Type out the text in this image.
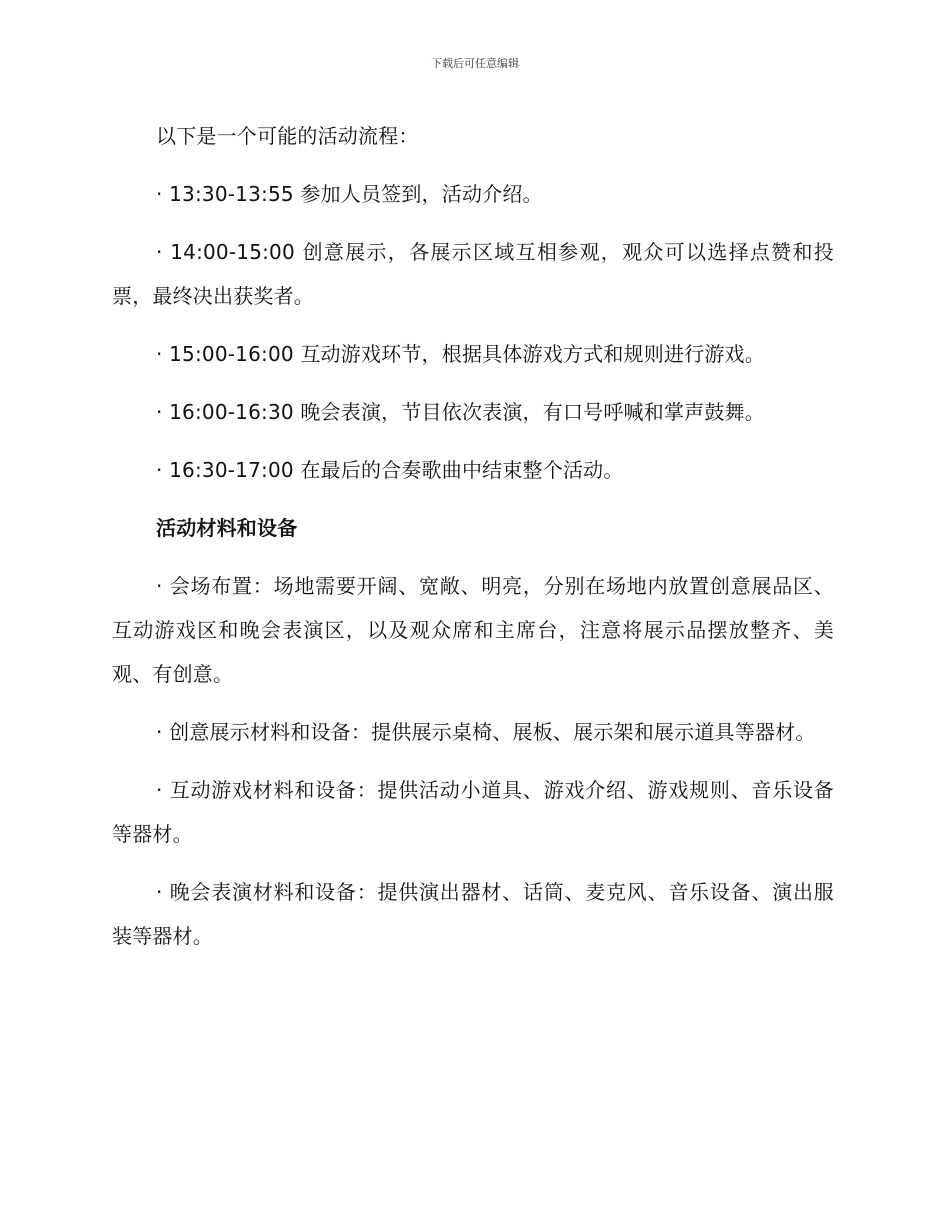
下载后可任意编辑

以下是一个可能的活动流程：

· 13:30-13:55 参加人员签到，活动介绍。

· 14:00-15:00 创意展示，各展示区域互相参观，观众可以选择点赞和投票，最终决出获奖者。

· 15:00-16:00 互动游戏环节，根据具体游戏方式和规则进行游戏。

· 16:00-16:30 晚会表演，节目依次表演，有口号呼喊和掌声鼓舞。

· 16:30-17:00 在最后的合奏歌曲中结束整个活动。

活动材料和设备

· 会场布置：场地需要开阔、宽敞、明亮，分别在场地内放置创意展品区、互动游戏区和晚会表演区，以及观众席和主席台，注意将展示品摆放整齐、美观、有创意。

· 创意展示材料和设备：提供展示桌椅、展板、展示架和展示道具等器材。

· 互动游戏材料和设备：提供活动小道具、游戏介绍、游戏规则、音乐设备等器材。

· 晚会表演材料和设备：提供演出器材、话筒、麦克风、音乐设备、演出服装等器材。
